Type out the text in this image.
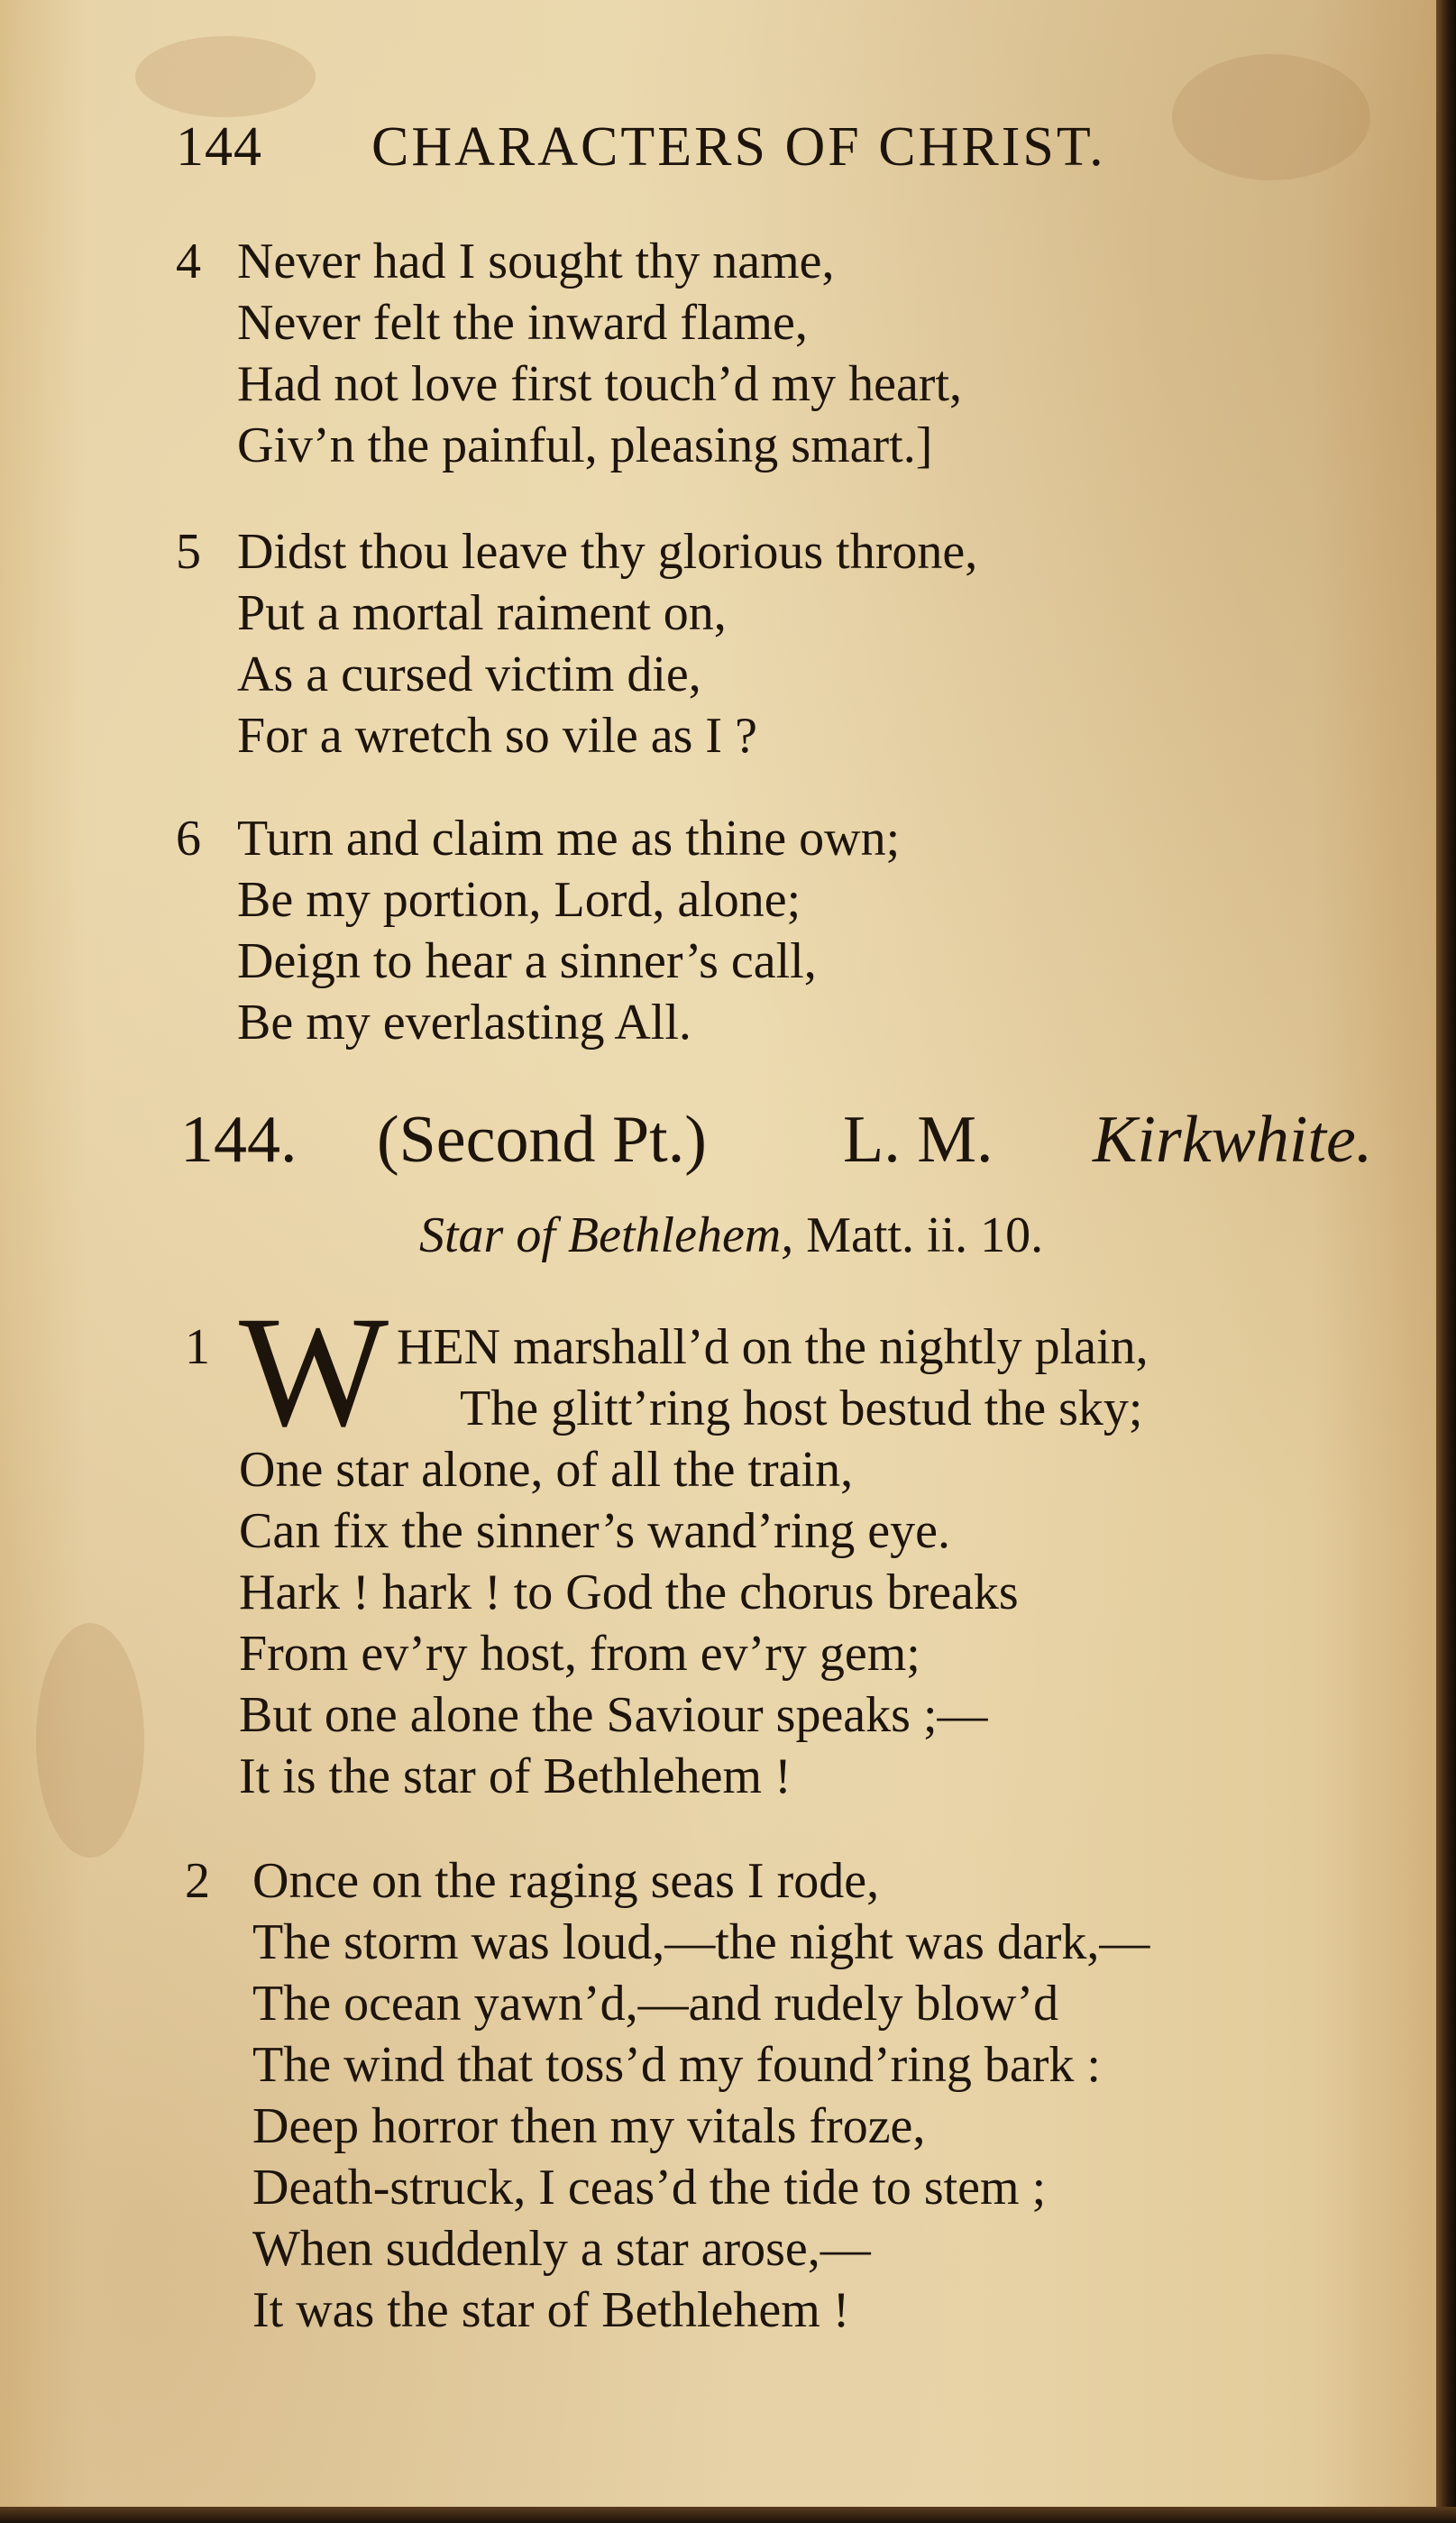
144 CHARACTERS OF CHRIST.
4 Never had I sought thy name,
Never felt the inward flame,
Had not love first touch’d my heart,
Giv’n the painful, pleasing smart.]
5 Didst thou leave thy glorious throne,
Put a mortal raiment on,
As a cursed victim die,
For a wretch so vile as I ?
6 Turn and claim me as thine own;
Be my portion, Lord, alone;
Deign to hear a sinner’s call,
Be my everlasting All.
144. (Second Pt.) L. M. Kirkwhite.
Star of Bethlehem, Matt. ii. 10.
1 W HEN marshall’d on the nightly plain,
The glitt’ring host bestud the sky;
One star alone, of all the train,
Can fix the sinner’s wand’ring eye.
Hark ! hark ! to God the chorus breaks
From ev’ry host, from ev’ry gem;
But one alone the Saviour speaks ;—
It is the star of Bethlehem !
2 Once on the raging seas I rode,
The storm was loud,—the night was dark,—
The ocean yawn’d,—and rudely blow’d
The wind that toss’d my found’ring bark :
Deep horror then my vitals froze,
Death-struck, I ceas’d the tide to stem ;
When suddenly a star arose,—
It was the star of Bethlehem !
